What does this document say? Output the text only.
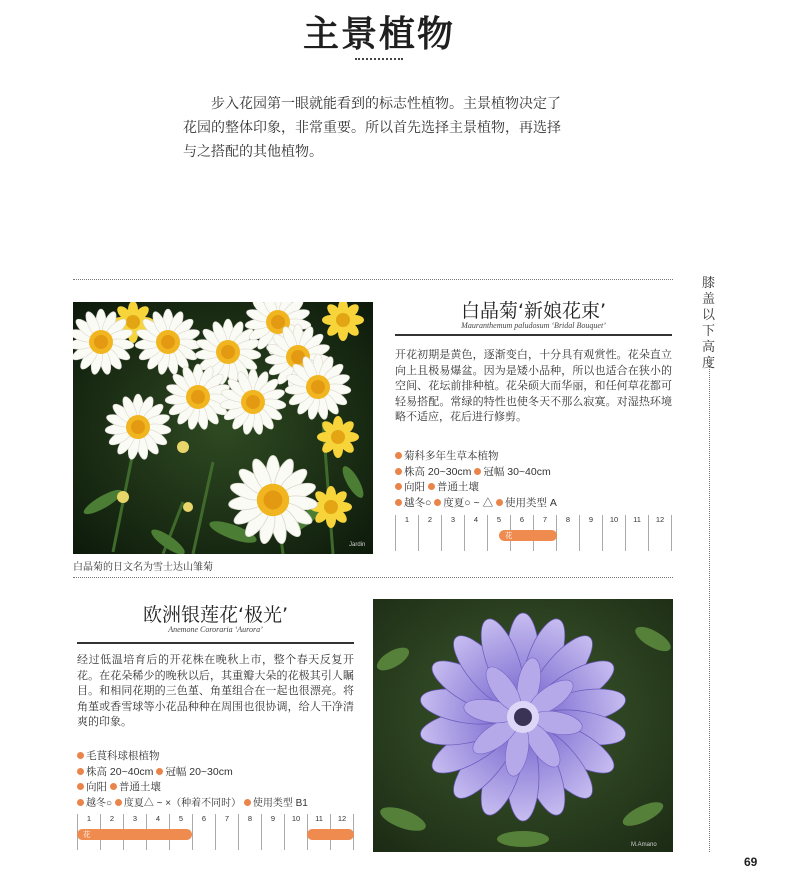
主景植物

步入花园第一眼就能看到的标志性植物。主景植物决定了

花园的整体印象，非常重要。所以首先选择主景植物，再选择

与之搭配的其他植物。

膝盖以下高度
69
Jardin
白晶菊的日文名为雪士达山雏菊
白晶菊‘新娘花束’
Mauranthemum paludosum ‘Bridal Bouquet’

开花初期是黄色，逐渐变白，十分具有观赏性。花朵直立向上且极易爆盆。因为是矮小品种，所以也适合在狭小的空间、花坛前排种植。花朵硕大而华丽，和任何草花都可轻易搭配。常绿的特性也使冬天不那么寂寞。对湿热环境略不适应，花后进行修剪。

菊科多年生草本植物
株高 20~30cm 冠幅 30~40cm
向阳 普通土壤
越冬○ 度夏○ ~ △ 使用类型 A
1	2	3	4	5	6	7	8	9	10	11	12
花
欧洲银莲花‘极光’
Anemone Cororaria ‘Aurora’

经过低温培育后的开花株在晚秋上市，整个春天反复开花。在花朵稀少的晚秋以后，其重瓣大朵的花极其引人瞩目。和相同花期的三色堇、角堇组合在一起也很漂亮。将角堇或香雪球等小花品种种在周围也很协调，给人干净清爽的印象。

毛茛科球根植物
株高 20~40cm 冠幅 20~30cm
向阳 普通土壤
越冬○ 度夏△ ~ ×（种着不同时） 使用类型 B1
1	2	3	4	5	6	7	8	9	10	11	12
花
M.Amano
